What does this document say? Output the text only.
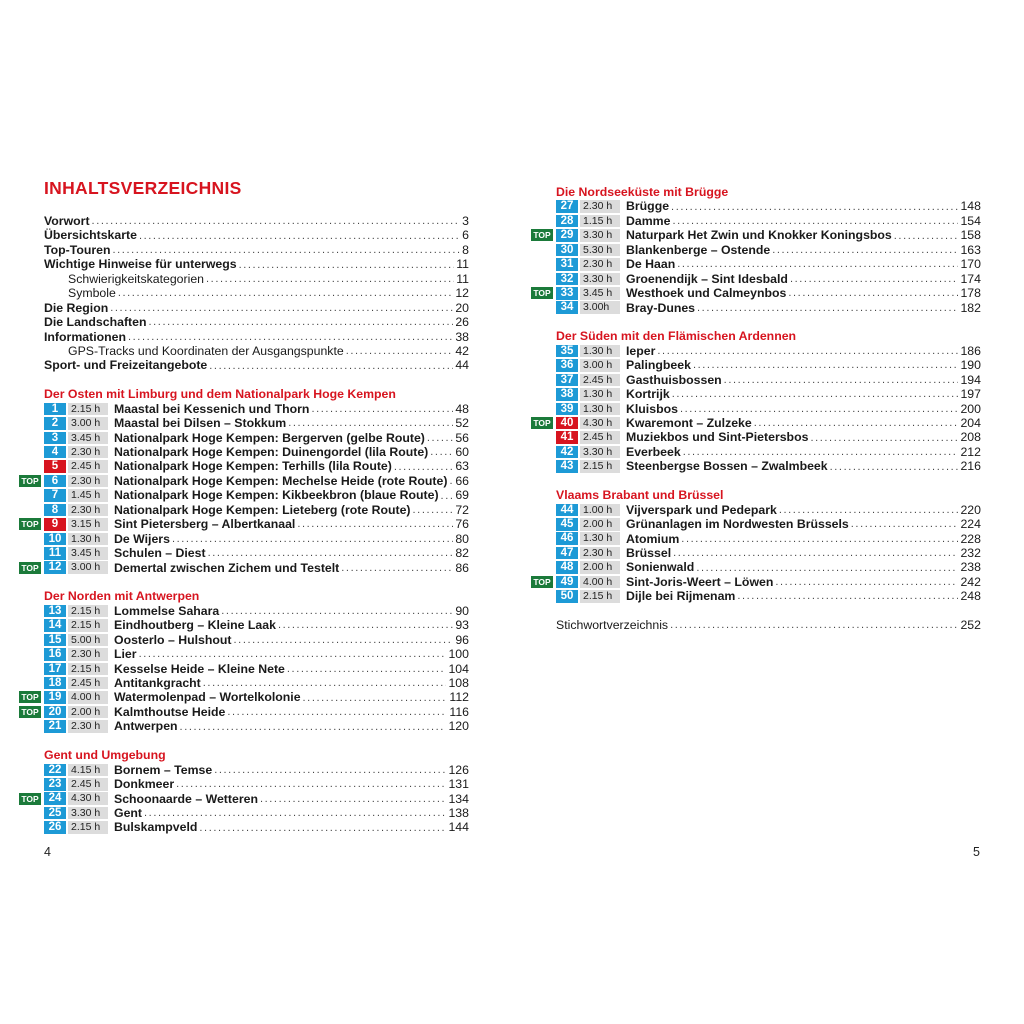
INHALTSVERZEICHNIS
Vorwort .....	3
Übersichtskarte .....	6
Top-Touren .....	8
Wichtige Hinweise für unterwegs .....	11
Schwierigkeitskategorien .....	11
Symbole .....	12
Die Region .....	20
Die Landschaften .....	26
Informationen .....	38
GPS-Tracks und Koordinaten der Ausgangspunkte .....	42
Sport- und Freizeitangebote .....	44
Der Osten mit Limburg und dem Nationalpark Hoge Kempen
1	2.15 h	Maastal bei Kessenich und Thorn .....	48
2	3.00 h	Maastal bei Dilsen – Stokkum .....	52
3	3.45 h	Nationalpark Hoge Kempen: Bergerven (gelbe Route) ..... 56
4	2.30 h	Nationalpark Hoge Kempen: Duinengordel (lila Route) ..... 60
5	2.45 h	Nationalpark Hoge Kempen: Terhills (lila Route) .....	63
TOP	6	2.30 h	Nationalpark Hoge Kempen: Mechelse Heide (rote Route) ..... 66
7	1.45 h	Nationalpark Hoge Kempen: Kikbeekbron (blaue Route) ..... 69
8	2.30 h	Nationalpark Hoge Kempen: Lieteberg (rote Route) .....	72
TOP	9	3.15 h	Sint Pietersberg – Albertkanaal .....	76
10 1.30 h	De Wijers .....	80
11 3.45 h	Schulen – Diest .....	82
TOP 12 3.00 h	Demertal zwischen Zichem und Testelt .....	86
Der Norden mit Antwerpen
13 2.15 h	Lommelse Sahara .....	90
14 2.15 h	Eindhoutberg – Kleine Laak .....	93
15 5.00 h	Oosterlo – Hulshout .....	96
16 2.30 h	Lier .....	100
17 2.15 h	Kesselse Heide – Kleine Nete .....	104
18 2.45 h	Antitankgracht .....	108
TOP 19 4.00 h	Watermolenpad – Wortelkolonie .....	112
TOP 20 2.00 h	Kalmthoutse Heide .....	116
21 2.30 h	Antwerpen .....	120
Gent und Umgebung
22 4.15 h	Bornem – Temse .....	126
23 2.45 h	Donkmeer .....	131
TOP 24 4.30 h	Schoonaarde – Wetteren .....	134
25 3.30 h	Gent .....	138
26 2.15 h	Bulskampveld .....	144
Die Nordseeküste mit Brügge
27 2.30 h	Brügge .....	148
28 1.15 h	Damme .....	154
TOP 29 3.30 h	Naturpark Het Zwin und Knokker Koningsbos .....	158
30 5.30 h	Blankenberge – Ostende .....	163
31 2.30 h	De Haan .....	170
32 3.30 h	Groenendijk – Sint Idesbald .....	174
TOP 33 3.45 h	Westhoek und Calmeynbos .....	178
34 3.00h	Bray-Dunes .....	182
Der Süden mit den Flämischen Ardennen
35 1.30 h	Ieper .....	186
36 3.00 h	Palingbeek .....	190
37 2.45 h	Gasthuisbossen .....	194
38 1.30 h	Kortrijk .....	197
39 1.30 h	Kluisbos .....	200
TOP 40 4.30 h	Kwaremont – Zulzeke .....	204
41 2.45 h	Muziekbos und Sint-Pietersbos .....	208
42 3.30 h	Everbeek .....	212
43 2.15 h	Steenbergse Bossen – Zwalmbeek .....	216
Vlaams Brabant und Brüssel
44 1.00 h	Vijverspark und Pedepark .....	220
45 2.00 h	Grünanlagen im Nordwesten Brüssels .....	224
46 1.30 h	Atomium .....	228
47 2.30 h	Brüssel .....	232
48 2.00 h	Sonienwald .....	238
TOP 49 4.00 h	Sint-Joris-Weert – Löwen .....	242
50 2.15 h	Dijle bei Rijmenam .....	248
Stichwortverzeichnis .....	252
4	5
